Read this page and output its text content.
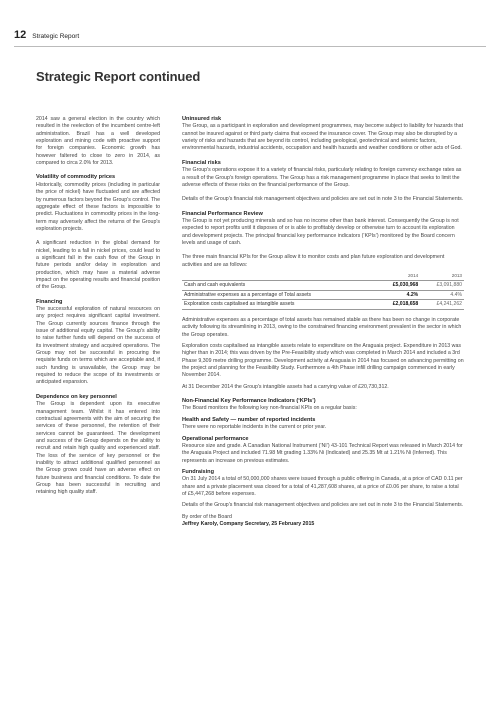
12 Strategic Report
Strategic Report continued

2014 saw a general election in the country which resulted in the reelection of the incumbent centre-left administration. Brazil has a well developed exploration and mining code with proactive support for foreign companies. Economic growth has however faltered to close to zero in 2014, as compared to circa 2.0% for 2013.

Volatility of commodity prices

Historically, commodity prices (including in particular the price of nickel) have fluctuated and are affected by numerous factors beyond the Group's control. The aggregate effect of these factors is impossible to predict. Fluctuations in commodity prices in the long-term may adversely affect the returns of the Group's exploration projects.

A significant reduction in the global demand for nickel, leading to a fall in nickel prices, could lead to a significant fall in the cash flow of the Group in future periods and/or delay in exploration and production, which may have a material adverse impact on the operating results and financial position of the Group.

Financing

The successful exploration of natural resources on any project requires significant capital investment. The Group currently sources finance through the issue of additional equity capital. The Group's ability to raise further funds will depend on the success of its investment strategy and acquired operations. The Group may not be successful in procuring the requisite funds on terms which are acceptable and, if such funding is unavailable, the Group may be required to reduce the scope of its investments or anticipated expansion.

Dependence on key personnel

The Group is dependent upon its executive management team. Whilst it has entered into contractual agreements with the aim of securing the services of these personnel, the retention of their services cannot be guaranteed. The development and success of the Group depends on the ability to recruit and retain high quality and experienced staff. The loss of the service of key personnel or the inability to attract additional qualified personnel as the Group grows could have an adverse effect on future business and financial conditions. To date the Group has been successful in recruiting and retaining high quality staff.

Uninsured risk

The Group, as a participant in exploration and development programmes, may become subject to liability for hazards that cannot be insured against or third party claims that exceed the insurance cover. The Group may also be disrupted by a variety of risks and hazards that are beyond its control, including geological, geotechnical and seismic factors, environmental hazards, industrial accidents, occupation and health hazards and weather conditions or other acts of God.

Financial risks

The Group's operations expose it to a variety of financial risks, particularly relating to foreign currency exchange rates as a result of the Group's foreign operations. The Group has a risk management programme in place that seeks to limit the adverse effects of these risks on the financial performance of the Group.

Details of the Group's financial risk management objectives and policies are set out in note 3 to the Financial Statements.

Financial Performance Review

The Group is not yet producing minerals and so has no income other than bank interest. Consequently the Group is not expected to report profits until it disposes of or is able to profitably develop or otherwise turn to account its exploration and development projects. The principal financial key performance indicators (‘KPIs’) monitored by the Board concern levels and usage of cash.

The three main financial KPIs for the Group allow it to monitor costs and plan future exploration and development activities and are as follows:

	2014	2013
Cash and cash equivalents	£5,030,968	£3,091,880
Administrative expenses as a percentage of Total assets	4.2%	4.4%
Exploration costs capitalised as intangible assets	£2,018,658	£4,241,262

Administrative expenses as a percentage of total assets has remained stable as there has been no change in corporate activity following its streamlining in 2013, owing to the constrained financing environment prevalent in the sector in which the Group operates.

Exploration costs capitalised as intangible assets relate to expenditure on the Araguaia project. Expenditure in 2013 was higher than in 2014; this was driven by the Pre-Feasibility study which was completed in March 2014 and included a 3rd Phase 9,309 metre drilling programme. Development activity at Araguaia in 2014 has focused on advancing permitting on the project and planning for the Feasibility Study. Furthermore a 4th Phase infill drilling campaign commenced in early November 2014.

At 31 December 2014 the Group's intangible assets had a carrying value of £20,730,312.

Non-Financial Key Performance Indicators (‘KPIs’)

The Board monitors the following key non-financial KPIs on a regular basis:

Health and Safety — number of reported incidents

There were no reportable incidents in the current or prior year.

Operational performance

Resource size and grade. A Canadian National Instrument (‘NI’) 43-101 Technical Report was released in March 2014 for the Araguaia Project and included 71.98 Mt grading 1.33% Ni (Indicated) and 25.35 Mt at 1.21% Ni (Inferred). This represents an increase on previous estimates.

Fundraising

On 31 July 2014 a total of 50,000,000 shares were issued through a public offering in Canada, at a price of CAD 0.11 per share and a private placement was closed for a total of 41,287,608 shares, at a price of £0.06 per share, to raise a total of £5,447,268 before expenses.

Details of the Group's financial risk management objectives and policies are set out in note 3 to the Financial Statements.

By order of the Board

Jeffrey Karoly, Company Secretary, 25 February 2015
